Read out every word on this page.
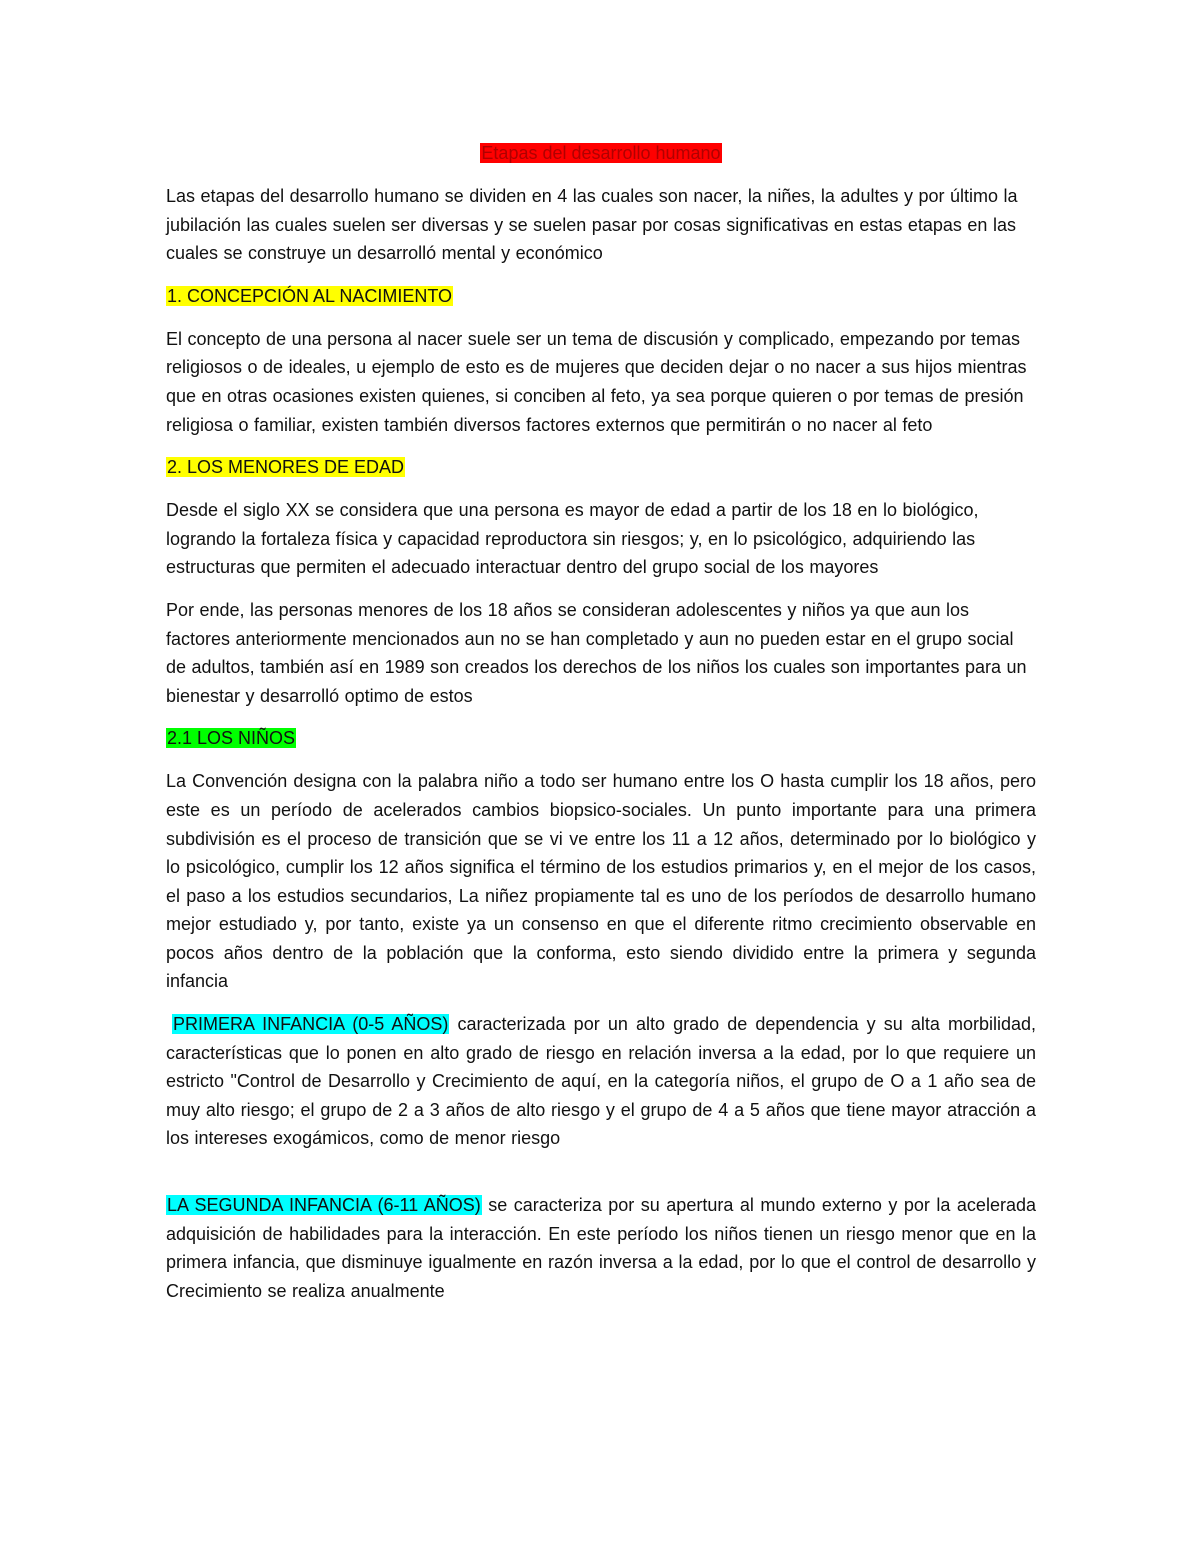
Etapas del desarrollo humano

Las etapas del desarrollo humano se dividen en 4 las cuales son nacer, la niñes, la adultes y por último la jubilación las cuales suelen ser diversas y se suelen pasar por cosas significativas en estas etapas en las cuales se construye un desarrolló mental y económico

1. CONCEPCIÓN AL NACIMIENTO

El concepto de una persona al nacer suele ser un tema de discusión y complicado, empezando por temas religiosos o de ideales, u ejemplo de esto es de mujeres que deciden dejar o no nacer a sus hijos mientras que en otras ocasiones existen quienes, si conciben al feto, ya sea porque quieren o por temas de presión religiosa o familiar, existen también diversos factores externos que permitirán o no nacer al feto

2. LOS MENORES DE EDAD

Desde el siglo XX se considera que una persona es mayor de edad a partir de los 18 en lo biológico, logrando la fortaleza física y capacidad reproductora sin riesgos; y, en lo psicológico, adquiriendo las estructuras que permiten el adecuado interactuar dentro del grupo social de los mayores

Por ende, las personas menores de los 18 años se consideran adolescentes y niños ya que aun los factores anteriormente mencionados aun no se han completado y aun no pueden estar en el grupo social de adultos, también así en 1989 son creados los derechos de los niños los cuales son importantes para un bienestar y desarrolló optimo de estos

2.1 LOS NIÑOS

La Convención designa con la palabra niño a todo ser humano entre los O hasta cumplir los 18 años, pero este es un período de acelerados cambios biopsico-sociales. Un punto importante para una primera subdivisión es el proceso de transición que se vi ve entre los 11 a 12 años, determinado por lo biológico y lo psicológico, cumplir los 12 años significa el término de los estudios primarios y, en el mejor de los casos, el paso a los estudios secundarios, La niñez propiamente tal es uno de los períodos de desarrollo humano mejor estudiado y, por tanto, existe ya un consenso en que el diferente ritmo crecimiento observable en pocos años dentro de la población que la conforma, esto siendo dividido entre la primera y segunda infancia

PRIMERA INFANCIA (0-5 AÑOS) caracterizada por un alto grado de dependencia y su alta morbilidad, características que lo ponen en alto grado de riesgo en relación inversa a la edad, por lo que requiere un estricto "Control de Desarrollo y Crecimiento de aquí, en la categoría niños, el grupo de O a 1 año sea de muy alto riesgo; el grupo de 2 a 3 años de alto riesgo y el grupo de 4 a 5 años que tiene mayor atracción a los intereses exogámicos, como de menor riesgo

LA SEGUNDA INFANCIA (6-11 AÑOS) se caracteriza por su apertura al mundo externo y por la acelerada adquisición de habilidades para la interacción. En este período los niños tienen un riesgo menor que en la primera infancia, que disminuye igualmente en razón inversa a la edad, por lo que el control de desarrollo y Crecimiento se realiza anualmente
